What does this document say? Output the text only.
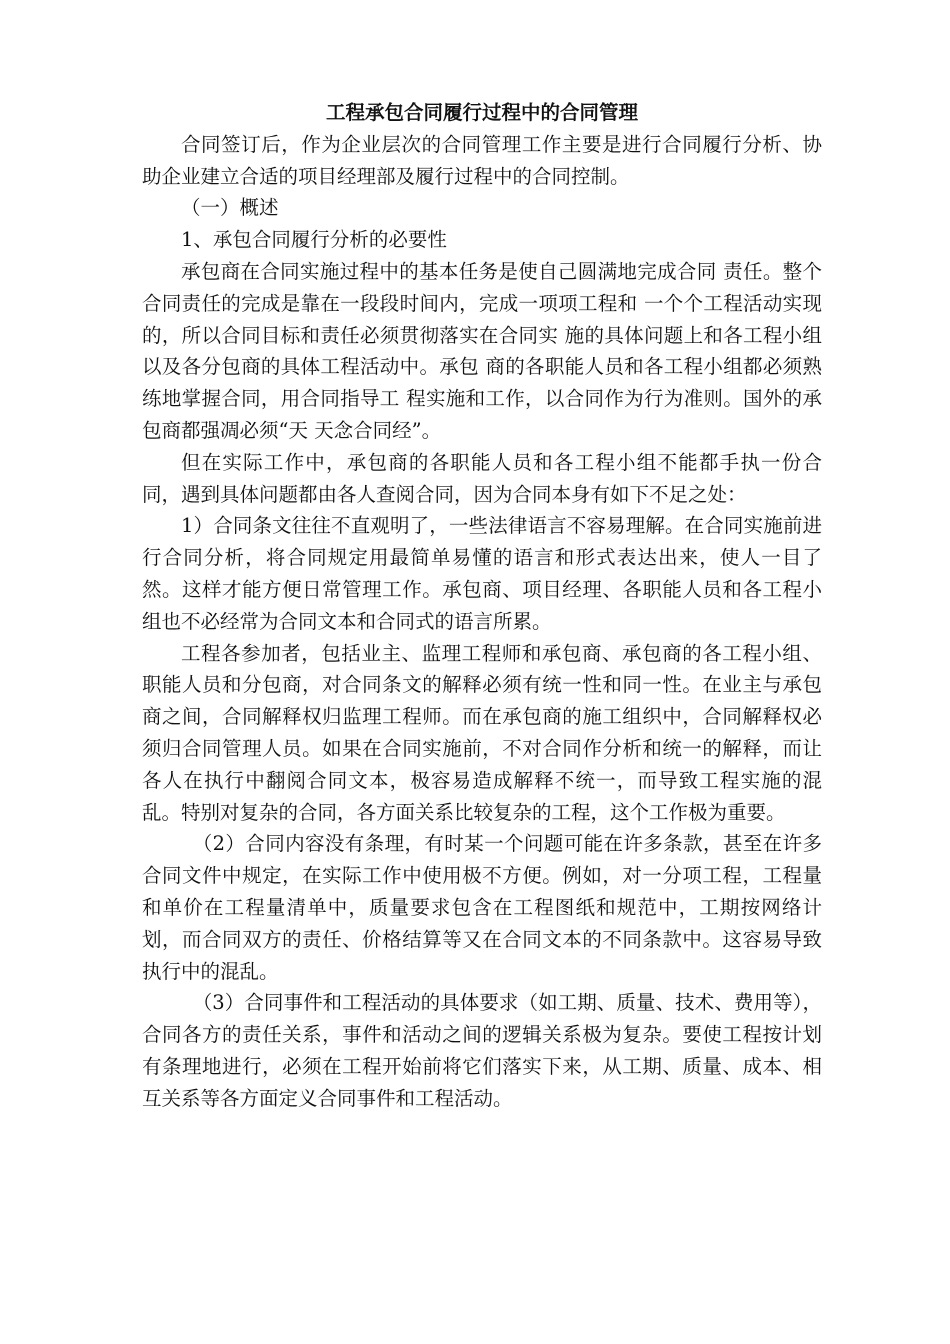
工程承包合同履行过程中的合同管理

合同签订后，作为企业层次的合同管理工作主要是进行合同履行分析、协助企业建立合适的项目经理部及履行过程中的合同控制。

（一）概述

1、承包合同履行分析的必要性

承包商在合同实施过程中的基本任务是使自己圆满地完成合同 责任。整个合同责任的完成是靠在一段段时间内，完成一项项工程和 一个个工程活动实现的，所以合同目标和责任必须贯彻落实在合同实 施的具体问题上和各工程小组以及各分包商的具体工程活动中。承包 商的各职能人员和各工程小组都必须熟练地掌握合同，用合同指导工 程实施和工作，以合同作为行为准则。国外的承包商都强凋必须“天 天念合同经”。

但在实际工作中，承包商的各职能人员和各工程小组不能都手执一份合同，遇到具体问题都由各人查阅合同，因为合同本身有如下不足之处：

1）合同条文往往不直观明了，一些法律语言不容易理解。在合同实施前进行合同分析，将合同规定用最简单易懂的语言和形式表达出来，使人一目了然。这样才能方便日常管理工作。承包商、项目经理、各职能人员和各工程小组也不必经常为合同文本和合同式的语言所累。

工程各参加者，包括业主、监理工程师和承包商、承包商的各工程小组、职能人员和分包商，对合同条文的解释必须有统一性和同一性。在业主与承包商之间，合同解释权归监理工程师。而在承包商的施工组织中，合同解释权必须归合同管理人员。如果在合同实施前，不对合同作分析和统一的解释，而让各人在执行中翻阅合同文本，极容易造成解释不统一，而导致工程实施的混乱。特别对复杂的合同，各方面关系比较复杂的工程，这个工作极为重要。

（2）合同内容没有条理，有时某一个问题可能在许多条款，甚至在许多合同文件中规定，在实际工作中使用极不方便。例如，对一分项工程，工程量和单价在工程量清单中，质量要求包含在工程图纸和规范中，工期按网络计划，而合同双方的责任、价格结算等又在合同文本的不同条款中。这容易导致执行中的混乱。

（3）合同事件和工程活动的具体要求（如工期、质量、技术、费用等），合同各方的责任关系，事件和活动之间的逻辑关系极为复杂。要使工程按计划有条理地进行，必须在工程开始前将它们落实下来，从工期、质量、成本、相互关系等各方面定义合同事件和工程活动。
